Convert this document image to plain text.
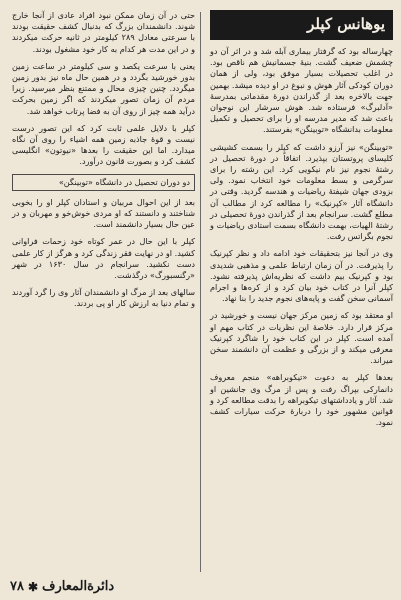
یوهانس کپلر

چهارساله بود که گرفتار بیماری آبله شد و در اثر آن دو چشمش ضعیف گشت. بنیهٔ جسمانیش هم ناقص بود. در اغلب تحصیلات بسیار موفق بود، ولی از همان دوران کودکی آثار هوش و نبوغ در او دیده میشد. بهمین جهت بالاخره بعد از گذراندن دورهٔ مقدماتی بمدرسهٔ «آدلبرگ» فرستاده شد. هوش سرشار این نوجوان باعث شد که مدیر مدرسه او را برای تحصیل و تکمیل معلومات بدانشگاه «توبینگن» بفرستند.

«توبینگن» نیز آرزو داشت که کپلر را بسمت کشیشی کلیسای پروتستان بپذیرد. اتفاقاً در دورهٔ تحصیل در رشتهٔ نجوم نیز نام نیکویی کرد. این رشته را برای سرگرمی و بسط معلومات خود انتخاب نمود. ولی بزودی جهان شیفتهٔ ریاضیات و هندسه گردید. وقتی در دانشگاه آثار «کپرنیک» را مطالعه کرد از مطالب آن مطلع گشت. سرانجام بعد از گذراندن دورهٔ تحصیلی در رشتهٔ الهیات، بهمت دانشگاه بسمت استادی ریاضیات و نجوم بگراتس رفت.

وی در آنجا نیز بتحقیقات خود ادامه داد و نظر کپرنیک را پذیرفت. در آن زمان ارتباط علمی و مذهبی شدیدی بود و کپرنیک بیم داشت که نظریه‌اش پذیرفته نشود. کپلر آنرا در کتاب خود بیان کرد و از کره‌ها و اجرام آسمانی سخن گفت و پایه‌های نجوم جدید را بنا نهاد.

او معتقد بود که زمین مرکز جهان نیست و خورشید در مرکز قرار دارد. خلاصهٔ این نظریات در کتاب مهم او آمده است. کپلر در این کتاب خود را شاگرد کپرنیک معرفی میکند و از بزرگی و عظمت آن دانشمند سخن میراند.

بعدها کپلر به دعوت «تیکوبراهه» منجم معروف دانمارکی بپراگ رفت و پس از مرگ وی جانشین او شد. آثار و یادداشتهای تیکوبراهه را بدقت مطالعه کرد و قوانین مشهور خود را دربارهٔ حرکت سیارات کشف نمود.

حتی در آن زمان ممکن نبود افراد عادی از آنجا خارج شوند. دانشمندان بزرگ که بدنبال کشف حقیقت بودند با سرعتی معادل ۲۸۹ کیلومتر در ثانیه حرکت میکردند و در این مدت هر کدام به کار خود مشغول بودند.

یعنی با سرعت یکصد و سی کیلومتر در ساعت زمین بدور خورشید بگردد و در همین حال ماه نیز بدور زمین میگردد. چنین چیزی محال و ممتنع بنظر میرسید. زیرا مردم آن زمان تصور میکردند که اگر زمین بحرکت درآید همه چیز از روی آن به فضا پرتاب خواهد شد.

کپلر با دلایل علمی ثابت کرد که این تصور درست نیست و قوهٔ جاذبه زمین همه اشیاء را روی آن نگاه میدارد. اما این حقیقت را بعدها «نیوتون» انگلیسی کشف کرد و بصورت قانون درآورد.

دو دوران تحصیل در دانشگاه «توبینگن»

بعد از این احوال مربیان و استادان کپلر او را بخوبی شناختند و دانستند که او مردی خوش‌خو و مهربان و در عین حال بسیار دانشمند است.

کپلر با این حال در عمر کوتاه خود زحمات فراوانی کشید. او در نهایت فقر زندگی کرد و هرگز از کار علمی دست نکشید. سرانجام در سال ۱۶۳۰ در شهر «رگنسبورگ» درگذشت.

سالهای بعد از مرگ او دانشمندان آثار وی را گرد آوردند و تمام دنیا به ارزش کار او پی بردند.

۷۸ ✱ دائرةالمعارف
